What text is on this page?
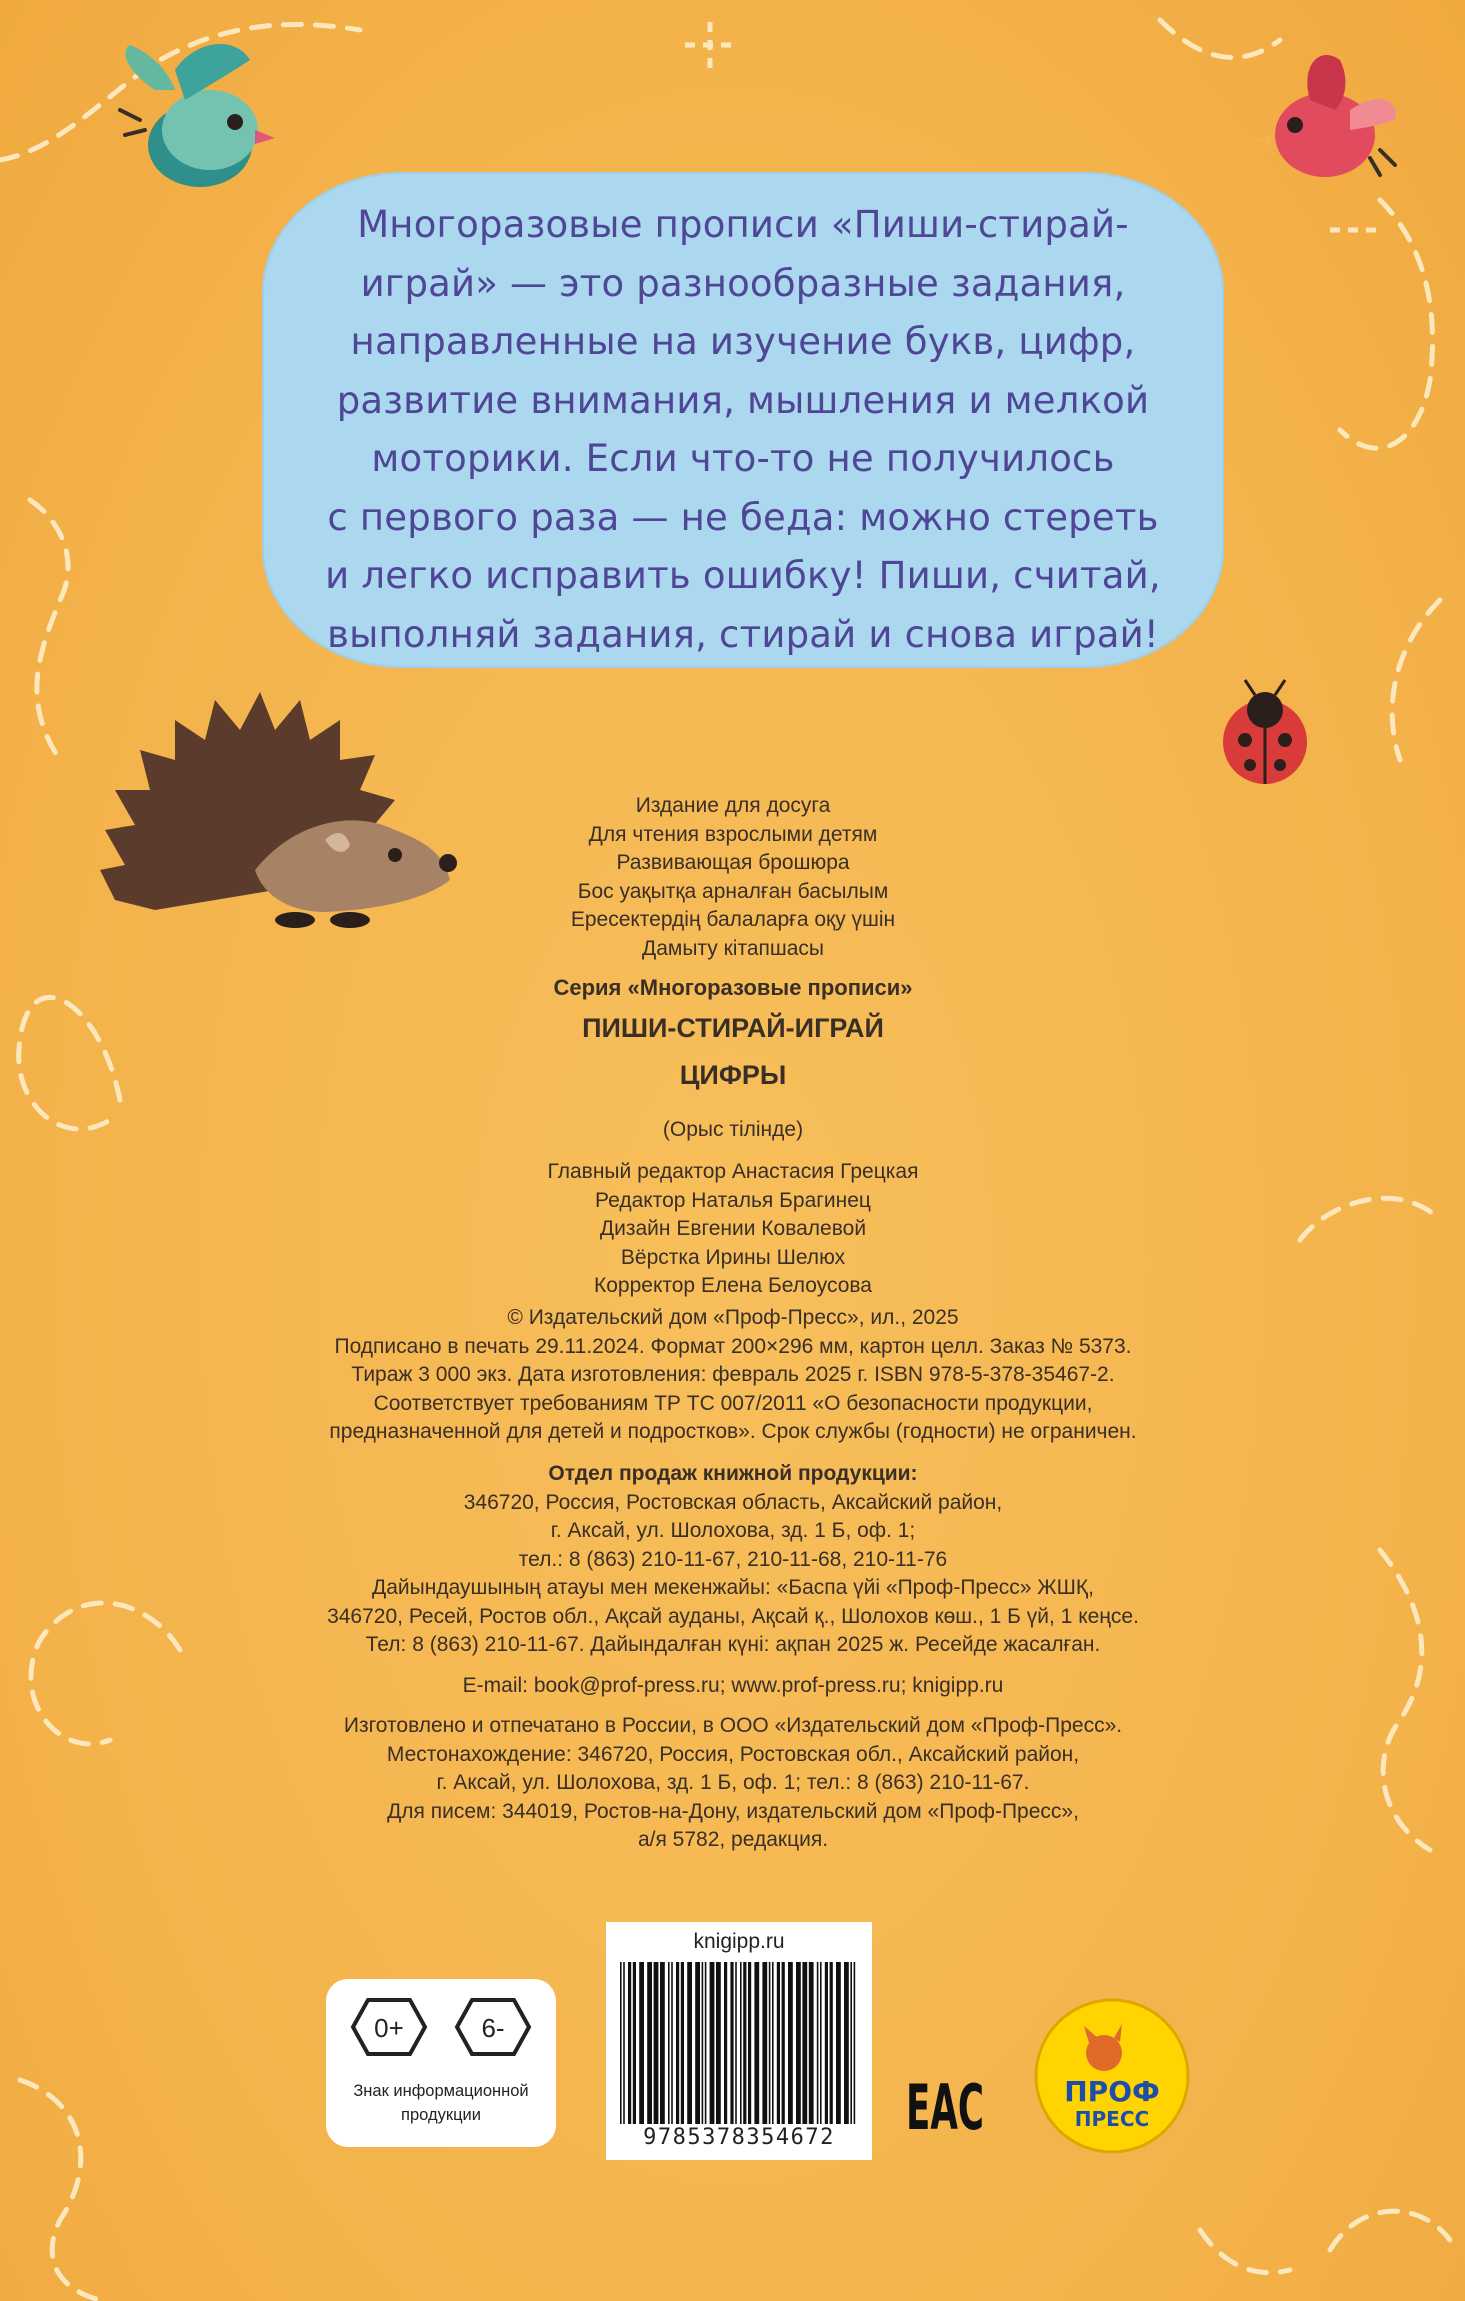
Многоразовые прописи «Пиши-стирай-
играй» — это разнообразные задания,
направленные на изучение букв, цифр,
развитие внимания, мышления и мелкой
моторики. Если что-то не получилось
с первого раза — не беда: можно стереть
и легко исправить ошибку! Пиши, считай,
выполняй задания, стирай и снова играй!
Издание для досуга
Для чтения взрослыми детям
Развивающая брошюра
Бос уақытқа арналған басылым
Ересектердің балаларға оқу үшін
Дамыту кітапшасы
Серия «Многоразовые прописи»
ПИШИ-СТИРАЙ-ИГРАЙ
ЦИФРЫ
(Орыс тілінде)
Главный редактор Анастасия Грецкая
Редактор Наталья Брагинец
Дизайн Евгении Ковалевой
Вёрстка Ирины Шелюх
Корректор Елена Белоусова
© Издательский дом «Проф-Пресс», ил., 2025
Подписано в печать 29.11.2024. Формат 200×296 мм, картон целл. Заказ № 5373.
Тираж 3 000 экз. Дата изготовления: февраль 2025 г. ISBN 978-5-378-35467-2.
Соответствует требованиям ТР ТС 007/2011 «О безопасности продукции,
предназначенной для детей и подростков». Срок службы (годности) не ограничен.
Отдел продаж книжной продукции:
346720, Россия, Ростовская область, Аксайский район,
г. Аксай, ул. Шолохова, зд. 1 Б, оф. 1;
тел.: 8 (863) 210-11-67, 210-11-68, 210-11-76
Дайындаушының атауы мен мекенжайы: «Баспа үйі «Проф-Пресс» ЖШҚ,
346720, Ресей, Ростов обл., Ақсай ауданы, Ақсай қ., Шолохов көш., 1 Б үй, 1 кеңсе.
Тел: 8 (863) 210-11-67. Дайындалған күні: ақпан 2025 ж. Ресейде жасалған.
E-mail: book@prof-press.ru; www.prof-press.ru; knigipp.ru
Изготовлено и отпечатано в России, в ООО «Издательский дом «Проф-Пресс».
Местонахождение: 346720, Россия, Ростовская обл., Аксайский район,
г. Аксай, ул. Шолохова, зд. 1 Б, оф. 1; тел.: 8 (863) 210-11-67.
Для писем: 344019, Ростов-на-Дону, издательский дом «Проф-Пресс»,
а/я 5782, редакция.
0+	6-
Знак информационной
продукции
knigipp.ru
9785378354672	EAC	ПРОФ
ПРЕСС
